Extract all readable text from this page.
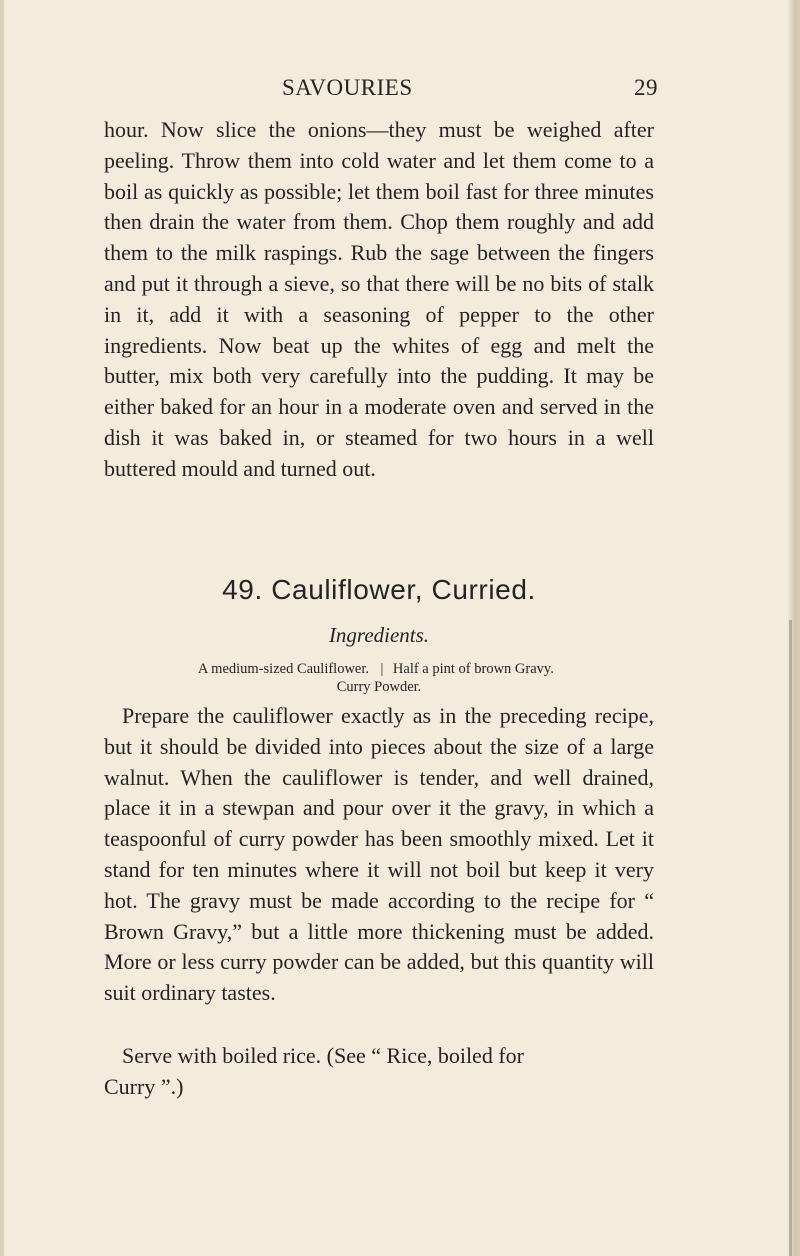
SAVOURIES	29

hour. Now slice the onions—they must be weighed after peeling. Throw them into cold water and let them come to a boil as quickly as possible; let them boil fast for three minutes then drain the water from them. Chop them roughly and add them to the milk raspings. Rub the sage between the fingers and put it through a sieve, so that there will be no bits of stalk in it, add it with a seasoning of pepper to the other ingredients. Now beat up the whites of egg and melt the butter, mix both very carefully into the pudding. It may be either baked for an hour in a moderate oven and served in the dish it was baked in, or steamed for two hours in a well buttered mould and turned out.

49. Cauliflower, Curried.
Ingredients.
A medium-sized Cauliflower. | Half a pint of brown Gravy.
Curry Powder.

Prepare the cauliflower exactly as in the preceding recipe, but it should be divided into pieces about the size of a large walnut. When the cauliflower is tender, and well drained, place it in a stewpan and pour over it the gravy, in which a teaspoonful of curry powder has been smoothly mixed. Let it stand for ten minutes where it will not boil but keep it very hot. The gravy must be made according to the recipe for “ Brown Gravy,” but a little more thickening must be added. More or less curry powder can be added, but this quantity will suit ordinary tastes.

Serve with boiled rice. (See “ Rice, boiled for
Curry ”.)
